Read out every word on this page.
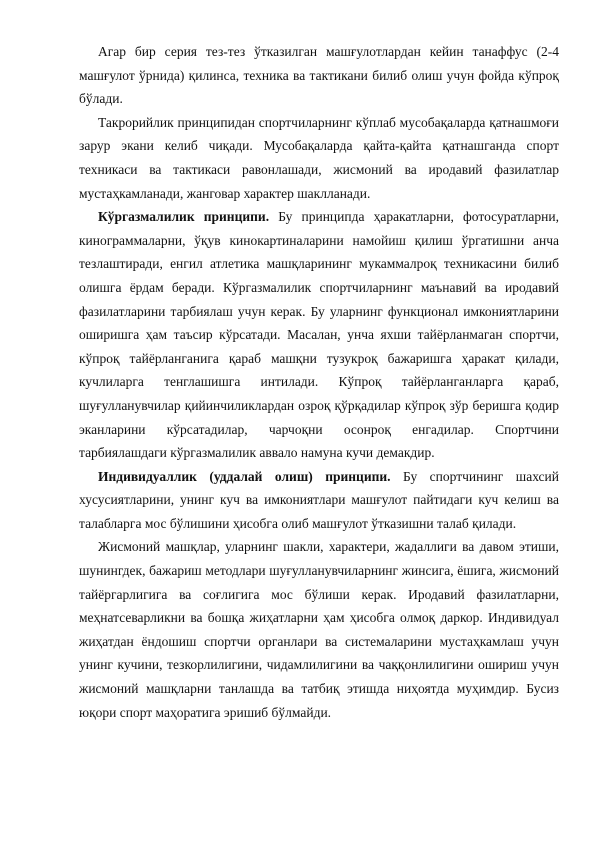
Агар бир серия тез-тез ўтказилган машғулотлардан кейин танаффус (2-4 машғулот ўрнида) қилинса, техника ва тактикани билиб олиш учун фойда кўпроқ бўлади.

Такрорийлик принципидан спортчиларнинг кўплаб мусобақаларда қатнашмоғи зарур экани келиб чиқади. Мусобақаларда қайта-қайта қатнашганда спорт техникаси ва тактикаси равонлашади, жисмоний ва иродавий фазилатлар мустаҳкамланади, жанговар характер шаклланади.

Кўргазмалилик принципи. Бу принципда ҳаракатларни, фотосуратларни, кинограммаларни, ўқув кинокартиналарини намойиш қилиш ўргатишни анча тезлаштиради, енгил атлетика машқларининг мукаммалроқ техникасини билиб олишга ёрдам беради. Кўргазмалилик спортчиларнинг маънавий ва иродавий фазилатларини тарбиялаш учун керак. Бу уларнинг функционал имкониятларини оширишга ҳам таъсир кўрсатади. Масалан, унча яхши тайёрланмаган спортчи, кўпроқ тайёрланганига қараб машқни тузукроқ бажаришга ҳаракат қилади, кучлиларга тенглашишга интилади. Кўпроқ тайёрланганларга қараб, шуғулланувчилар қийинчиликлардан озроқ қўрқадилар кўпроқ зўр беришга қодир эканларини кўрсатадилар, чарчоқни осонроқ енгадилар. Спортчини тарбиялашдаги кўргазмалилик аввало намуна кучи демакдир.

Индивидуаллик (уддалай олиш) принципи. Бу спортчининг шахсий хусусиятларини, унинг куч ва имкониятлари машғулот пайтидаги куч келиш ва талабларга мос бўлишини ҳисобга олиб машғулот ўтказишни талаб қилади.

Жисмоний машқлар, уларнинг шакли, характери, жадаллиги ва давом этиши, шунингдек, бажариш методлари шуғулланувчиларнинг жинсига, ёшига, жисмоний тайёргарлигига ва соғлигига мос бўлиши керак. Иродавий фазилатларни, меҳнатсеварликни ва бошқа жиҳатларни ҳам ҳисобга олмоқ даркор. Индивидуал жиҳатдан ёндошиш спортчи органлари ва системаларини мустаҳкамлаш учун унинг кучини, тезкорлилигини, чидамлилигини ва чаққонлилигини ошириш учун жисмоний машқларни танлашда ва татбиқ этишда ниҳоятда муҳимдир. Бусиз юқори спорт маҳоратига эришиб бўлмайди.
